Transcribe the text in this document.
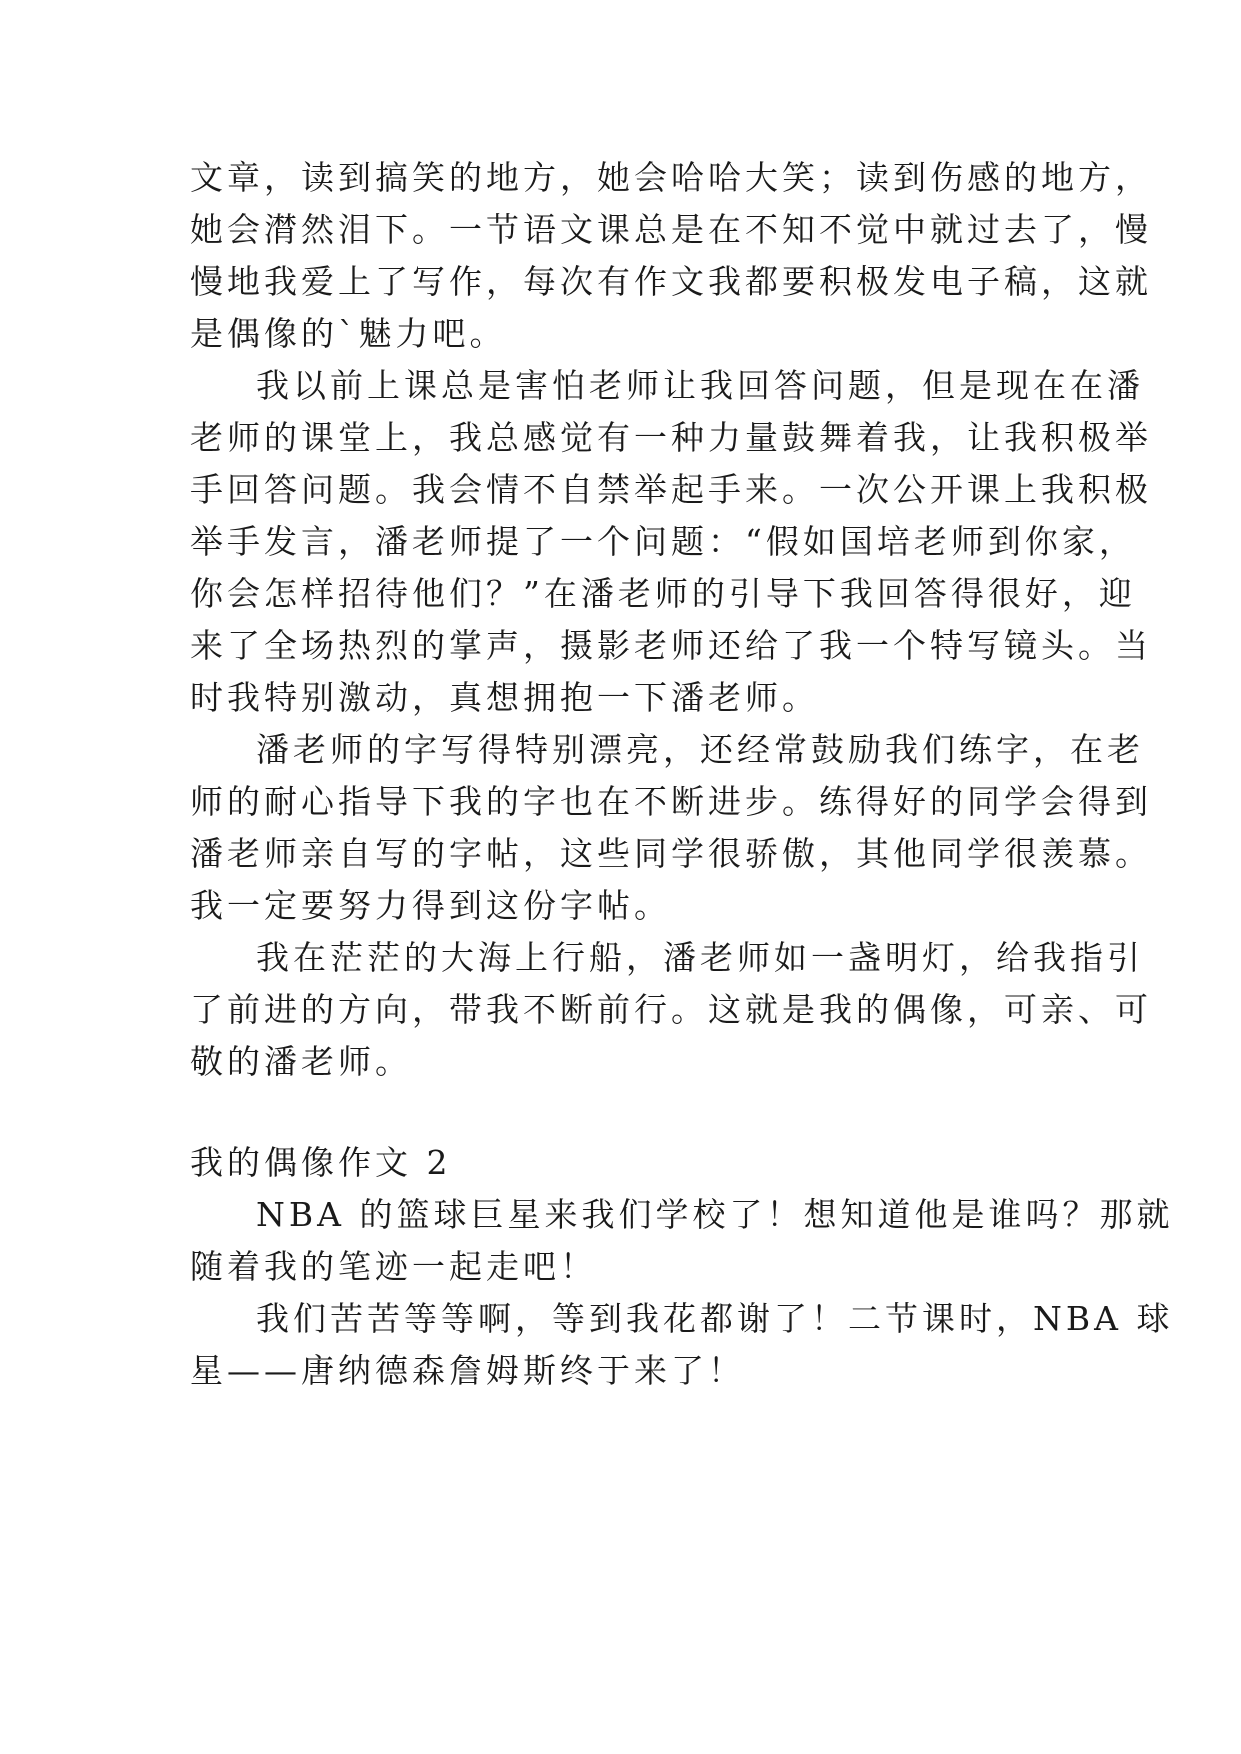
文章，读到搞笑的地方，她会哈哈大笑；读到伤感的地方，
她会潸然泪下。一节语文课总是在不知不觉中就过去了，慢
慢地我爱上了写作，每次有作文我都要积极发电子稿，这就
是偶像的`魅力吧。
我以前上课总是害怕老师让我回答问题，但是现在在潘
老师的课堂上，我总感觉有一种力量鼓舞着我，让我积极举
手回答问题。我会情不自禁举起手来。一次公开课上我积极
举手发言，潘老师提了一个问题：“假如国培老师到你家，
你会怎样招待他们？”在潘老师的引导下我回答得很好，迎
来了全场热烈的掌声，摄影老师还给了我一个特写镜头。当
时我特别激动，真想拥抱一下潘老师。
潘老师的字写得特别漂亮，还经常鼓励我们练字，在老
师的耐心指导下我的字也在不断进步。练得好的同学会得到
潘老师亲自写的字帖，这些同学很骄傲，其他同学很羡慕。
我一定要努力得到这份字帖。
我在茫茫的大海上行船，潘老师如一盏明灯，给我指引
了前进的方向，带我不断前行。这就是我的偶像，可亲、可
敬的潘老师。
我的偶像作文 2
NBA 的篮球巨星来我们学校了！想知道他是谁吗？那就
随着我的笔迹一起走吧！
我们苦苦等等啊，等到我花都谢了！二节课时，NBA 球
星——唐纳德森詹姆斯终于来了！
